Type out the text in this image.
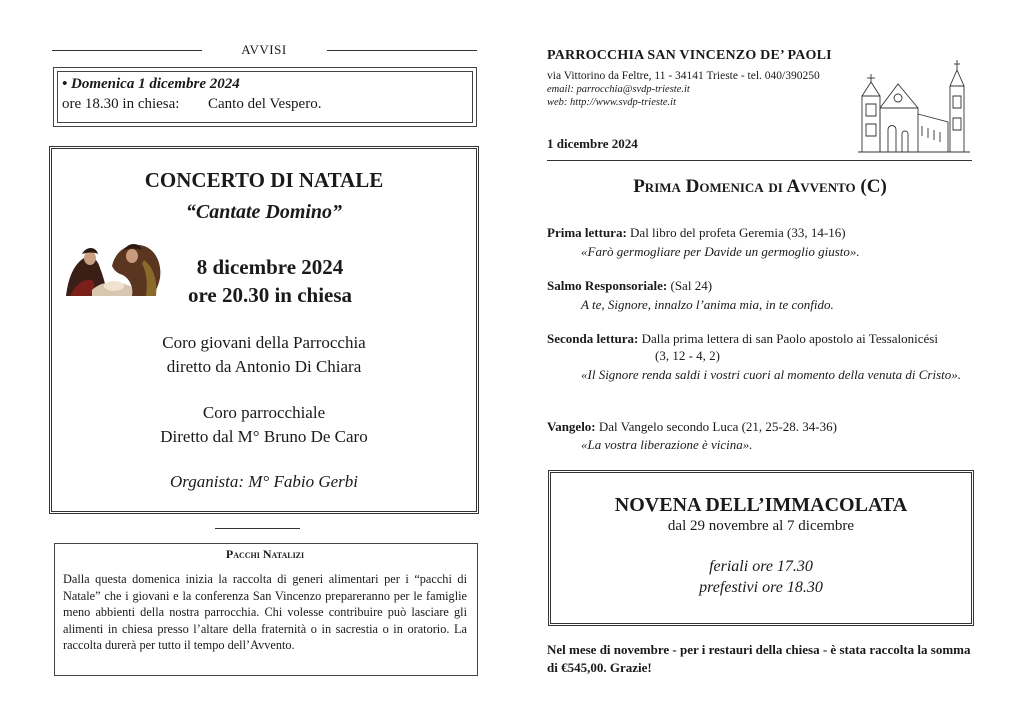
AVVISI
• Domenica 1 dicembre 2024
ore 18.30 in chiesa: Canto del Vespero.
CONCERTO DI NATALE
“Cantate Domino”
8 dicembre 2024
ore 20.30 in chiesa
Coro giovani della Parrocchia
diretto da Antonio Di Chiara
Coro parrocchiale
Diretto dal M° Bruno De Caro
Organista: M° Fabio Gerbi
Pacchi Natalizi
Dalla questa domenica inizia la raccolta di generi alimentari per i “pacchi di Natale” che i giovani e la conferenza San Vincenzo prepareranno per le famiglie meno abbienti della nostra parrocchia. Chi volesse contribuire può lasciare gli alimenti in chiesa presso l’altare della fraternità o in sacrestia o in oratorio. La raccolta durerà per tutto il tempo dell’Avvento.
PARROCCHIA SAN VINCENZO DE’ PAOLI
via Vittorino da Feltre, 11 - 34141 Trieste - tel. 040/390250
email: parrocchia@svdp-trieste.it
web: http://www.svdp-trieste.it
1 dicembre 2024
Prima Domenica di Avvento (C)
Prima lettura: Dal libro del profeta Geremia (33, 14-16)
«Farò germogliare per Davide un germoglio giusto».
Salmo Responsoriale: (Sal 24)
A te, Signore, innalzo l’anima mia, in te confido.
Seconda lettura: Dalla prima lettera di san Paolo apostolo ai Tessalonicési
(3, 12 - 4, 2)
«Il Signore renda saldi i vostri cuori al momento della venuta di Cristo».
Vangelo: Dal Vangelo secondo Luca (21, 25-28. 34-36)
«La vostra liberazione è vicina».
NOVENA DELL’IMMACOLATA
dal 29 novembre al 7 dicembre
feriali ore 17.30
prefestivi ore 18.30
Nel mese di novembre - per i restauri della chiesa - è stata raccolta la somma di €545,00. Grazie!
